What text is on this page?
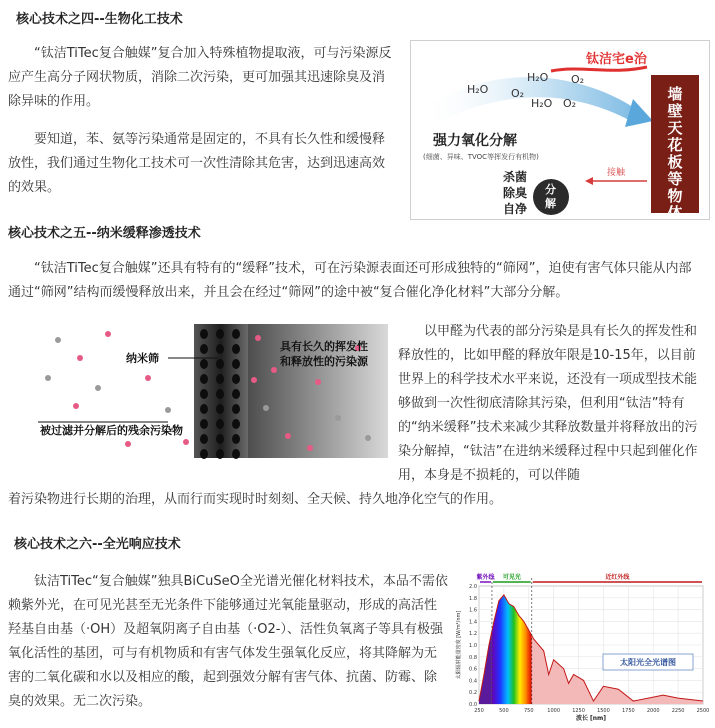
核心技术之四--生物化工技术
“钛洁TiTec复合触媒”复合加入特殊植物提取液，可与污染源反应产生高分子网状物质，消除二次污染，更可加强其迅速除臭及消除异味的作用。
要知道，苯、氨等污染通常是固定的，不具有长久性和缓慢释放性，我们通过生物化工技术可一次性清除其危害，达到迅速高效的效果。
钛洁宅e治
H₂O O₂
H₂O
H₂O
O₂
O₂
强力氧化分解
(细菌、异味、TVOC等挥发行有机物)
接触
杀菌
除臭
自净
分
解
墙
壁
天
花
板
等
物
体
核心技术之五--纳米缓释渗透技术
“钛洁TiTec复合触媒”还具有特有的“缓释”技术，可在污染源表面还可形成独特的“筛网”，迫使有害气体只能从内部通过“筛网”结构而缓慢释放出来，并且会在经过“筛网”的途中被“复合催化净化材料”大部分分解。
纳米筛
具有长久的挥发性
和释放性的污染源
被过滤并分解后的残余污染物
以甲醛为代表的部分污染是具有长久的挥发性和释放性的，比如甲醛的释放年限是10-15年，以目前世界上的科学技术水平来说，还没有一项成型技术能够做到一次性彻底清除其污染，但利用“钛洁”特有的“纳米缓释”技术来减少其释放数量并将释放出的污染分解掉，“钛洁”在进纳米缓释过程中只起到催化作用，本身是不损耗的，可以伴随
着污染物进行长期的治理，从而行而实现时时刻刻、全天候、持久地净化空气的作用。
核心技术之六--全光响应技术
钛洁TiTec“复合触媒”独具BiCuSeO全光谱光催化材料技术，本品不需依赖紫外光，在可见光甚至无光条件下能够通过光氧能量驱动，形成的高活性羟基自由基（·OH）及超氧阴离子自由基（·O2-）、活性负氧离子等具有极强氧化活性的基团，可与有机物质和有害气体发生强氧化反应，将其降解为无害的二氧化碳和水以及相应的酸，起到强效分解有害气体、抗菌、防霉、除臭的效果。无二次污染。
紫外线 可见光	近红外线
250	500	750	1000 1250 1500 1750 2000 2250 2500
0.0
0.2
0.4
0.6
0.8
1.0
1.2
1.4
1.6
1.8
2.0
波长 [nm]
太阳辐射能量密度 [W/m²/nm]	太阳光全光谱图
